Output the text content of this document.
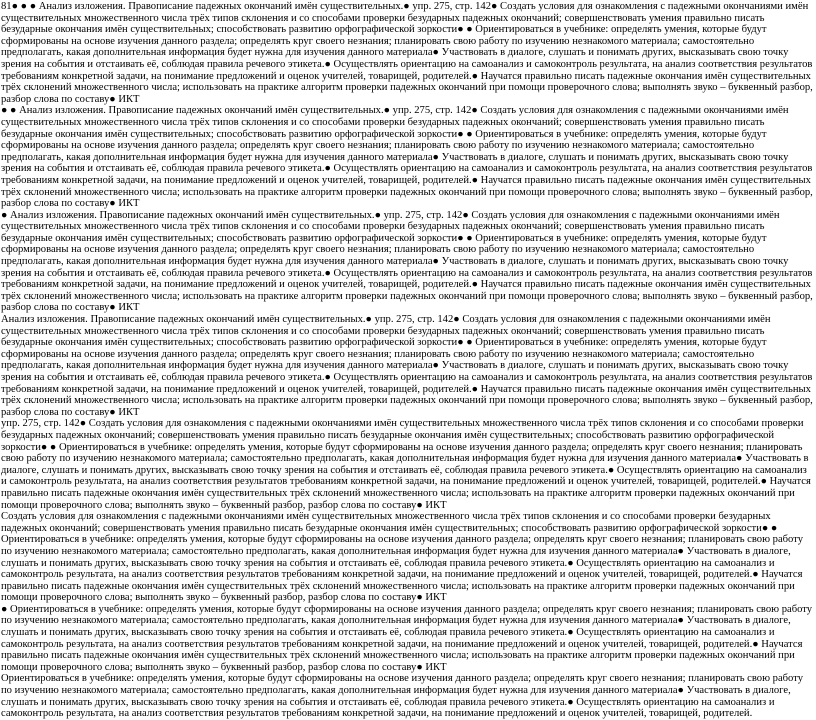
81● ● ● Анализ изложения. Правописание падежных окончаний имён существительных.● упр. 275, стр. 142● Создать условия для ознакомления с падежными окончаниями имён существительных множественного числа трёх типов склонения и со способами проверки безударных падежных окончаний; совершенствовать умения правильно писать безударные окончания имён существительных; способствовать развитию орфографической зоркости● ● Ориентироваться в учебнике: определять умения, которые будут сформированы на основе изучения данного раздела; определять круг своего незнания; планировать свою работу по изучению незнакомого материала; самостоятельно предполагать, какая дополнительная информация будет нужна для изучения данного материала● Участвовать в диалоге, слушать и понимать других, высказывать свою точку зрения на события и отстаивать её, соблюдая правила речевого этикета.● Осуществлять ориентацию на самоанализ и самоконтроль результата, на анализ соответствия результатов требованиям конкретной задачи, на понимание предложений и оценок учителей, товарищей, родителей.● Научатся правильно писать падежные окончания имён существительных трёх склонений множественного числа; использовать на практике алгоритм проверки падежных окончаний при помощи проверочного слова; выполнять звуко – буквенный разбор, разбор слова по составу● ИКТ

● ● Анализ изложения. Правописание падежных окончаний имён существительных.● упр. 275, стр. 142● Создать условия для ознакомления с падежными окончаниями имён существительных множественного числа трёх типов склонения и со способами проверки безударных падежных окончаний; совершенствовать умения правильно писать безударные окончания имён существительных; способствовать развитию орфографической зоркости● ● Ориентироваться в учебнике: определять умения, которые будут сформированы на основе изучения данного раздела; определять круг своего незнания; планировать свою работу по изучению незнакомого материала; самостоятельно предполагать, какая дополнительная информация будет нужна для изучения данного материала● Участвовать в диалоге, слушать и понимать других, высказывать свою точку зрения на события и отстаивать её, соблюдая правила речевого этикета.● Осуществлять ориентацию на самоанализ и самоконтроль результата, на анализ соответствия результатов требованиям конкретной задачи, на понимание предложений и оценок учителей, товарищей, родителей.● Научатся правильно писать падежные окончания имён существительных трёх склонений множественного числа; использовать на практике алгоритм проверки падежных окончаний при помощи проверочного слова; выполнять звуко – буквенный разбор, разбор слова по составу● ИКТ

● Анализ изложения. Правописание падежных окончаний имён существительных.● упр. 275, стр. 142● Создать условия для ознакомления с падежными окончаниями имён существительных множественного числа трёх типов склонения и со способами проверки безударных падежных окончаний; совершенствовать умения правильно писать безударные окончания имён существительных; способствовать развитию орфографической зоркости● ● Ориентироваться в учебнике: определять умения, которые будут сформированы на основе изучения данного раздела; определять круг своего незнания; планировать свою работу по изучению незнакомого материала; самостоятельно предполагать, какая дополнительная информация будет нужна для изучения данного материала● Участвовать в диалоге, слушать и понимать других, высказывать свою точку зрения на события и отстаивать её, соблюдая правила речевого этикета.● Осуществлять ориентацию на самоанализ и самоконтроль результата, на анализ соответствия результатов требованиям конкретной задачи, на понимание предложений и оценок учителей, товарищей, родителей.● Научатся правильно писать падежные окончания имён существительных трёх склонений множественного числа; использовать на практике алгоритм проверки падежных окончаний при помощи проверочного слова; выполнять звуко – буквенный разбор, разбор слова по составу● ИКТ

Анализ изложения. Правописание падежных окончаний имён существительных.● упр. 275, стр. 142● Создать условия для ознакомления с падежными окончаниями имён существительных множественного числа трёх типов склонения и со способами проверки безударных падежных окончаний; совершенствовать умения правильно писать безударные окончания имён существительных; способствовать развитию орфографической зоркости● ● Ориентироваться в учебнике: определять умения, которые будут сформированы на основе изучения данного раздела; определять круг своего незнания; планировать свою работу по изучению незнакомого материала; самостоятельно предполагать, какая дополнительная информация будет нужна для изучения данного материала● Участвовать в диалоге, слушать и понимать других, высказывать свою точку зрения на события и отстаивать её, соблюдая правила речевого этикета.● Осуществлять ориентацию на самоанализ и самоконтроль результата, на анализ соответствия результатов требованиям конкретной задачи, на понимание предложений и оценок учителей, товарищей, родителей.● Научатся правильно писать падежные окончания имён существительных трёх склонений множественного числа; использовать на практике алгоритм проверки падежных окончаний при помощи проверочного слова; выполнять звуко – буквенный разбор, разбор слова по составу● ИКТ

упр. 275, стр. 142● Создать условия для ознакомления с падежными окончаниями имён существительных множественного числа трёх типов склонения и со способами проверки безударных падежных окончаний; совершенствовать умения правильно писать безударные окончания имён существительных; способствовать развитию орфографической зоркости● ● Ориентироваться в учебнике: определять умения, которые будут сформированы на основе изучения данного раздела; определять круг своего незнания; планировать свою работу по изучению незнакомого материала; самостоятельно предполагать, какая дополнительная информация будет нужна для изучения данного материала● Участвовать в диалоге, слушать и понимать других, высказывать свою точку зрения на события и отстаивать её, соблюдая правила речевого этикета.● Осуществлять ориентацию на самоанализ и самоконтроль результата, на анализ соответствия результатов требованиям конкретной задачи, на понимание предложений и оценок учителей, товарищей, родителей.● Научатся правильно писать падежные окончания имён существительных трёх склонений множественного числа; использовать на практике алгоритм проверки падежных окончаний при помощи проверочного слова; выполнять звуко – буквенный разбор, разбор слова по составу● ИКТ

Создать условия для ознакомления с падежными окончаниями имён существительных множественного числа трёх типов склонения и со способами проверки безударных падежных окончаний; совершенствовать умения правильно писать безударные окончания имён существительных; способствовать развитию орфографической зоркости● ● Ориентироваться в учебнике: определять умения, которые будут сформированы на основе изучения данного раздела; определять круг своего незнания; планировать свою работу по изучению незнакомого материала; самостоятельно предполагать, какая дополнительная информация будет нужна для изучения данного материала● Участвовать в диалоге, слушать и понимать других, высказывать свою точку зрения на события и отстаивать её, соблюдая правила речевого этикета.● Осуществлять ориентацию на самоанализ и самоконтроль результата, на анализ соответствия результатов требованиям конкретной задачи, на понимание предложений и оценок учителей, товарищей, родителей.● Научатся правильно писать падежные окончания имён существительных трёх склонений множественного числа; использовать на практике алгоритм проверки падежных окончаний при помощи проверочного слова; выполнять звуко – буквенный разбор, разбор слова по составу● ИКТ

● Ориентироваться в учебнике: определять умения, которые будут сформированы на основе изучения данного раздела; определять круг своего незнания; планировать свою работу по изучению незнакомого материала; самостоятельно предполагать, какая дополнительная информация будет нужна для изучения данного материала● Участвовать в диалоге, слушать и понимать других, высказывать свою точку зрения на события и отстаивать её, соблюдая правила речевого этикета.● Осуществлять ориентацию на самоанализ и самоконтроль результата, на анализ соответствия результатов требованиям конкретной задачи, на понимание предложений и оценок учителей, товарищей, родителей.● Научатся правильно писать падежные окончания имён существительных трёх склонений множественного числа; использовать на практике алгоритм проверки падежных окончаний при помощи проверочного слова; выполнять звуко – буквенный разбор, разбор слова по составу● ИКТ

Ориентироваться в учебнике: определять умения, которые будут сформированы на основе изучения данного раздела; определять круг своего незнания; планировать свою работу по изучению незнакомого материала; самостоятельно предполагать, какая дополнительная информация будет нужна для изучения данного материала● Участвовать в диалоге, слушать и понимать других, высказывать свою точку зрения на события и отстаивать её, соблюдая правила речевого этикета.● Осуществлять ориентацию на самоанализ и самоконтроль результата, на анализ соответствия результатов требованиям конкретной задачи, на понимание предложений и оценок учителей, товарищей, родителей.
